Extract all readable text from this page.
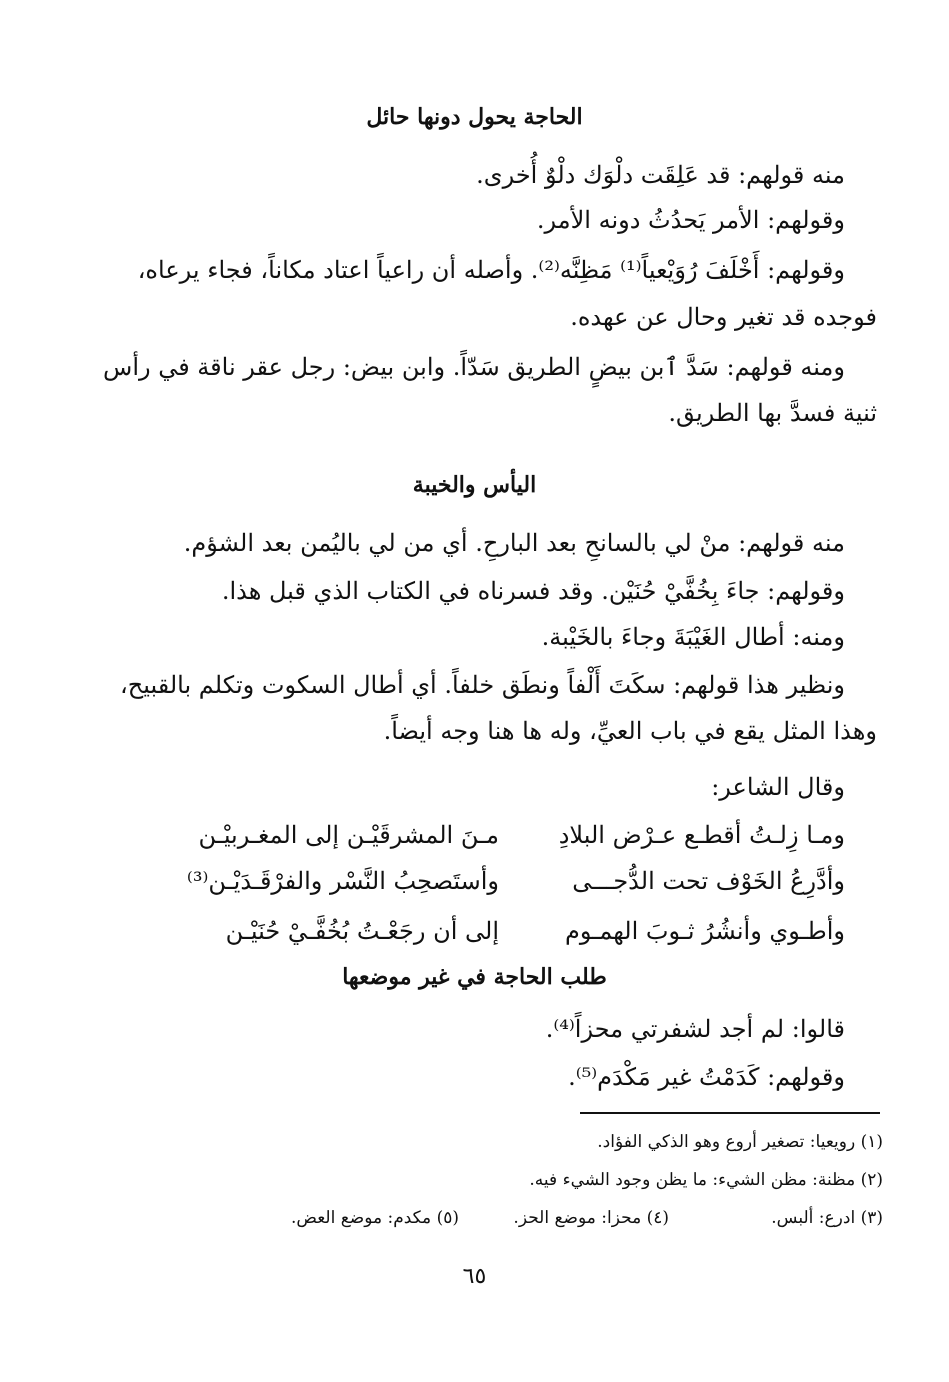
الحاجة يحول دونها حائل
منه قولهم: قد عَلِقَت دلْوَك دلْوٌ أُخرى.
وقولهم: الأمر يَحدُثُ دونه الأمر.
وقولهم: أَخْلَفَ رُوَيْعياً⁽¹⁾ مَظِنَّه⁽²⁾. وأصله أن راعياً اعتاد مكاناً، فجاء يرعاه،
فوجده قد تغير وحال عن عهده.
ومنه قولهم: سَدَّ ٱبن بيضٍ الطريق سَدّاً. وابن بيض: رجل عقر ناقة في رأس
ثنية فسدَّ بها الطريق.
اليأس والخيبة
منه قولهم: منْ لي بالسانحِ بعد البارحِ. أي من لي باليُمن بعد الشؤم.
وقولهم: جاءَ بِخُفَّيْ حُنَيْن. وقد فسرناه في الكتاب الذي قبل هذا.
ومنه: أطال الغَيْبَةَ وجاءَ بالخَيْبة.
ونظير هذا قولهم: سكَتَ أَلْفاً ونطَق خلفاً. أي أطال السكوت وتكلم بالقبيح،
وهذا المثل يقع في باب العيِّ، وله ها هنا وجه أيضاً.
وقال الشاعر:
ومـا زِلـتُ أقطـع عـرْض البلادِ
مـنَ المشرقَيْـن إلى المغـربيْـن
وأدَّرِعُ الخَوْف تحت الدُّجـــى
وأستَصحِبُ النَّسْر والفرْقَـدَيْـن⁽³⁾
وأطـوي وأنشُرُ ثـوبَ الهمـوم
إلى أن رجَعْـتُ بُخُفَّـيْ حُنَيْـن
طلب الحاجة في غير موضعها
قالوا: لم أجد لشفرتي محزاً⁽⁴⁾.
وقولهم: كَدَمْتُ غير مَكْدَم⁽⁵⁾.
(١) رويعيا: تصغير أروع وهو الذكي الفؤاد.
(٢) مظنة: مظن الشيء: ما يظن وجود الشيء فيه.
(٣) ادرع: ألبس.
(٤) محزا: موضع الحز.
(٥) مكدم: موضع العض.
٦٥
